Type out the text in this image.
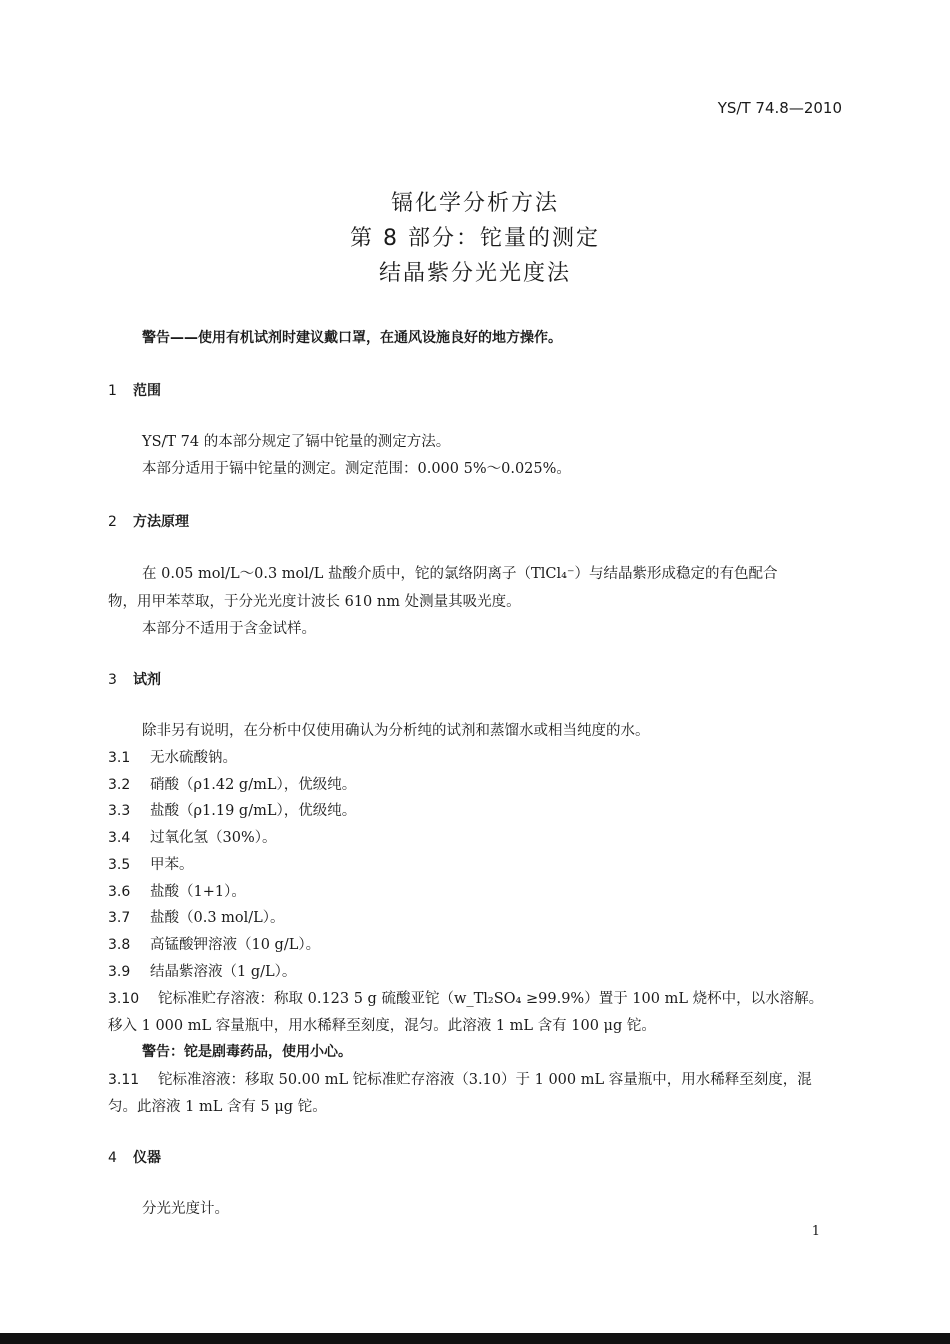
YS/T 74.8—2010
镉化学分析方法
第 8 部分：铊量的测定
结晶紫分光光度法
警告——使用有机试剂时建议戴口罩，在通风设施良好的地方操作。
1 范围
YS/T 74 的本部分规定了镉中铊量的测定方法。
本部分适用于镉中铊量的测定。测定范围：0.000 5%～0.025%。
2 方法原理
在 0.05 mol/L～0.3 mol/L 盐酸介质中，铊的氯络阴离子（TlCl₄⁻）与结晶紫形成稳定的有色配合
物，用甲苯萃取，于分光光度计波长 610 nm 处测量其吸光度。
本部分不适用于含金试样。
3 试剂
除非另有说明，在分析中仅使用确认为分析纯的试剂和蒸馏水或相当纯度的水。
3.1 无水硫酸钠。
3.2 硝酸（ρ1.42 g/mL），优级纯。
3.3 盐酸（ρ1.19 g/mL），优级纯。
3.4 过氧化氢（30%）。
3.5 甲苯。
3.6 盐酸（1+1）。
3.7 盐酸（0.3 mol/L）。
3.8 高锰酸钾溶液（10 g/L）。
3.9 结晶紫溶液（1 g/L）。
3.10 铊标准贮存溶液：称取 0.123 5 g 硫酸亚铊（w_Tl₂SO₄ ≥99.9%）置于 100 mL 烧杯中，以水溶解。
移入 1 000 mL 容量瓶中，用水稀释至刻度，混匀。此溶液 1 mL 含有 100 μg 铊。
警告：铊是剧毒药品，使用小心。
3.11 铊标准溶液：移取 50.00 mL 铊标准贮存溶液（3.10）于 1 000 mL 容量瓶中，用水稀释至刻度，混
匀。此溶液 1 mL 含有 5 μg 铊。
4 仪器
分光光度计。
1
